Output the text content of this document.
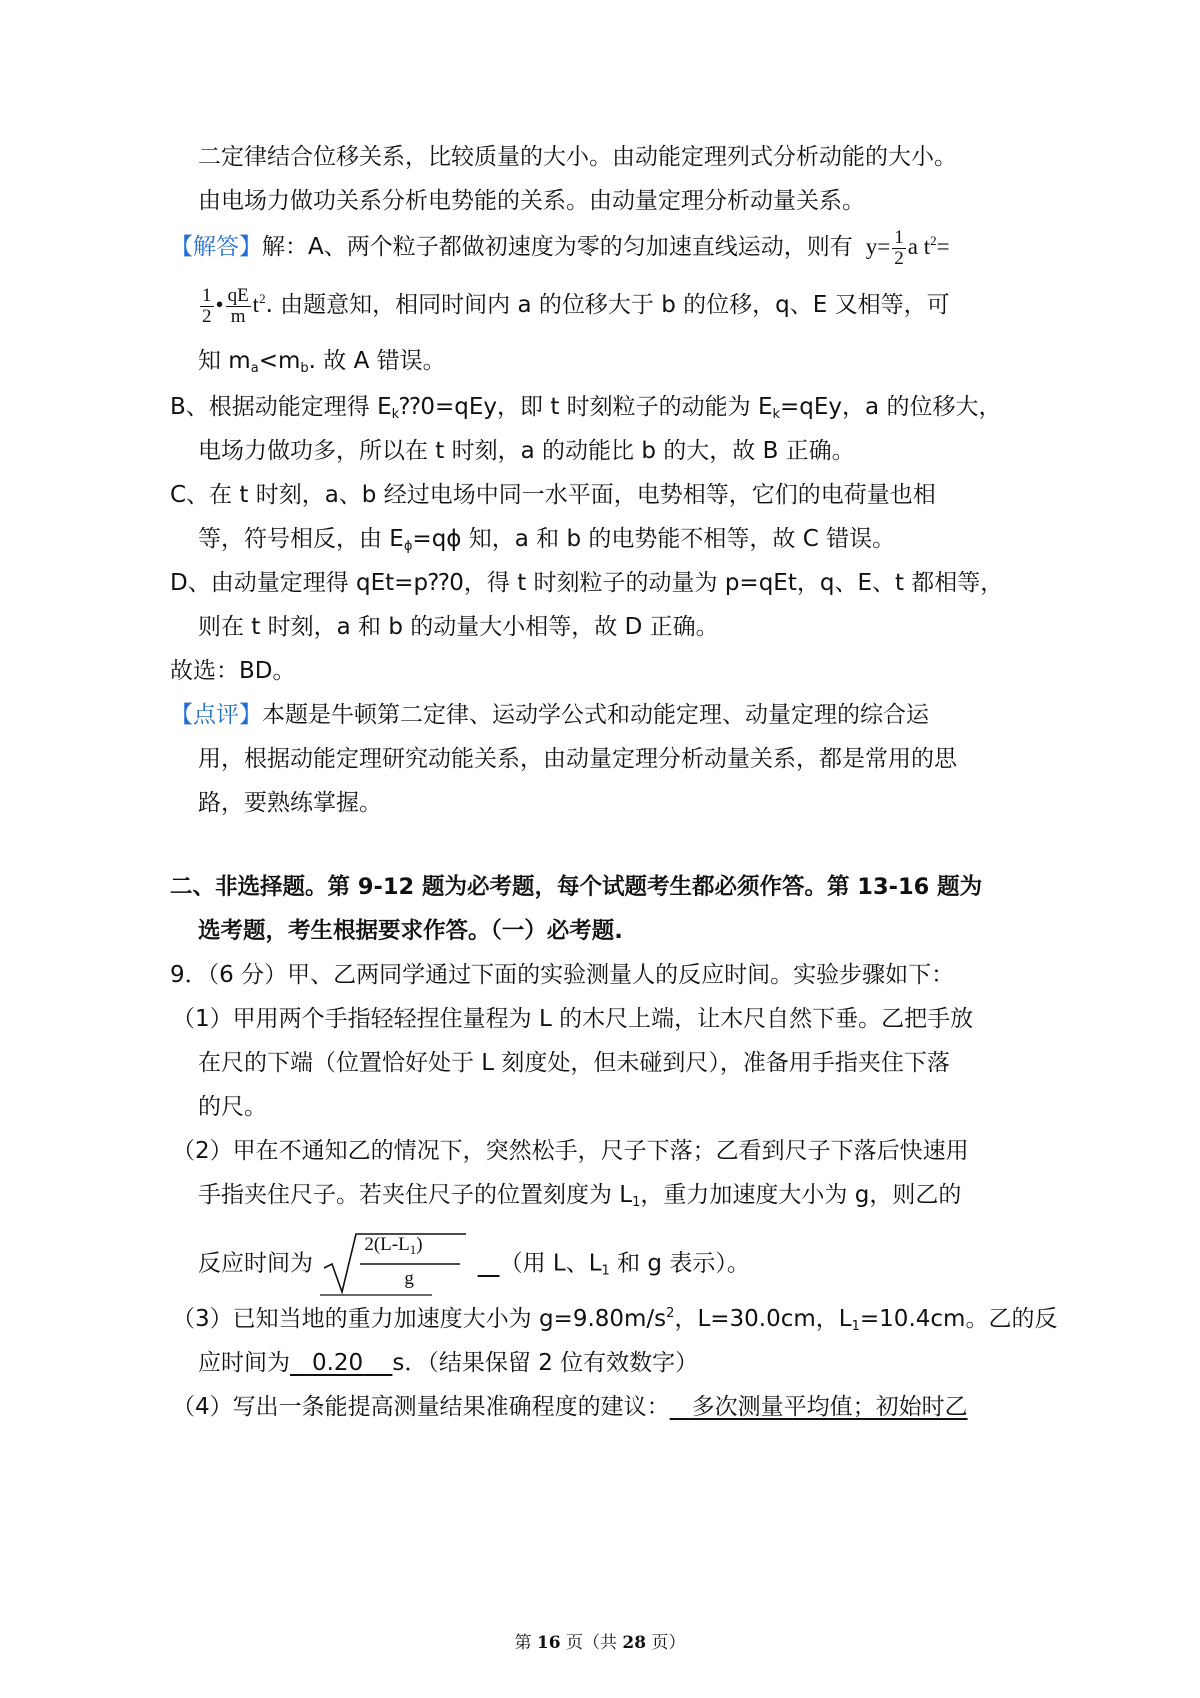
二定律结合位移关系，比较质量的大小。由动能定理列式分析动能的大小。
由电场力做功关系分析电势能的关系。由动量定理分析动量关系。
【解答】解：A、两个粒子都做初速度为零的匀加速直线运动，则有 $y= \frac{1}{2}$ a $t^2=$
$\frac{1}{2}$ • $\frac{qE}{m} t^2$. 由题意知，相同时间内 a 的位移大于 b 的位移，q、E 又相等，可
知 $m_a<m_b$. 故 A 错误。
B、根据动能定理得 $E_k⁇0=qEy$，即 t 时刻粒子的动能为 $E_k=qEy$，a 的位移大，
电场力做功多，所以在 t 时刻，a 的动能比 b 的大，故 B 正确。
C、在 t 时刻，a、b 经过电场中同一水平面，电势相等，它们的电荷量也相
等，符号相反，由 $E_\phi=q\phi$ 知，a 和 b 的电势能不相等，故 C 错误。
D、由动量定理得 qEt=p⁇0，得 t 时刻粒子的动量为 p=qEt，q、E、t 都相等，
则在 t 时刻，a 和 b 的动量大小相等，故 D 正确。
故选：BD。
【点评】本题是牛顿第二定律、运动学公式和动能定理、动量定理的综合运
用，根据动能定理研究动能关系，由动量定理分析动量关系，都是常用的思
路，要熟练掌握。
二、非选择题。第 9-12 题为必考题，每个试题考生都必须作答。第 13-16 题为
选考题，考生根据要求作答。（一）必考题.
9．（6 分）甲、乙两同学通过下面的实验测量人的反应时间。实验步骤如下：
（1）甲用两个手指轻轻捏住量程为 L 的木尺上端，让木尺自然下垂。乙把手放
在尺的下端（位置恰好处于 L 刻度处，但未碰到尺），准备用手指夹住下落
的尺。
（2）甲在不通知乙的情况下，突然松手，尺子下落；乙看到尺子下落后快速用
手指夹住尺子。若夹住尺子的位置刻度为 $L_1$，重力加速度大小为 g，则乙的
反应时间为
$2(L-L_1)$
g
（用 L、$L_1$ 和 g 表示）。
（3）已知当地的重力加速度大小为 $g=9.80m/s^2$，L=30.0cm，$L_1=10.4cm$。乙的反
应时间为 0.20 s．（结果保留 2 位有效数字）
（4）写出一条能提高测量结果准确程度的建议： 多次测量平均值；初始时乙
第 16 页（共 28 页）
